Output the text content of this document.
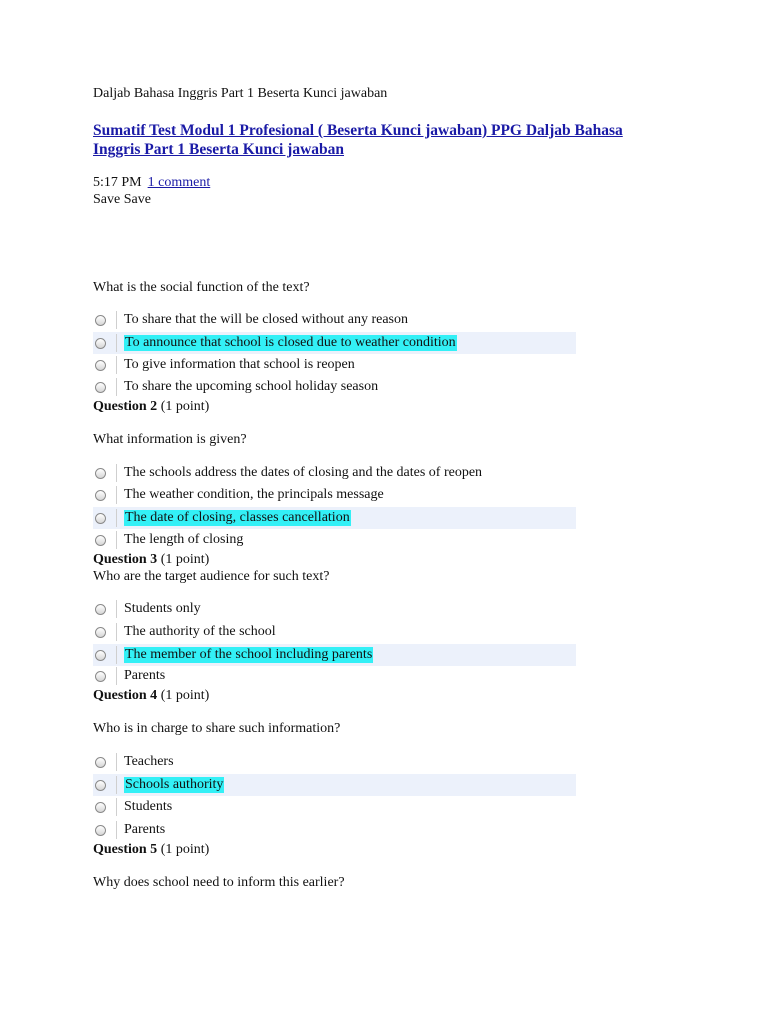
Daljab Bahasa Inggris Part 1 Beserta Kunci jawaban
Sumatif Test Modul 1 Profesional ( Beserta Kunci jawaban) PPG Daljab Bahasa Inggris Part 1 Beserta Kunci jawaban
5:17 PM 1 comment
Save Save
What is the social function of the text?
To share that the will be closed without any reason
To announce that school is closed due to weather condition
To give information that school is reopen
To share the upcoming school holiday season
Question 2 (1 point)
What information is given?
The schools address the dates of closing and the dates of reopen
The weather condition, the principals message
The date of closing, classes cancellation
The length of closing
Question 3 (1 point)
Who are the target audience for such text?
Students only
The authority of the school
The member of the school including parents
Parents
Question 4 (1 point)
Who is in charge to share such information?
Teachers
Schools authority
Students
Parents
Question 5 (1 point)
Why does school need to inform this earlier?
